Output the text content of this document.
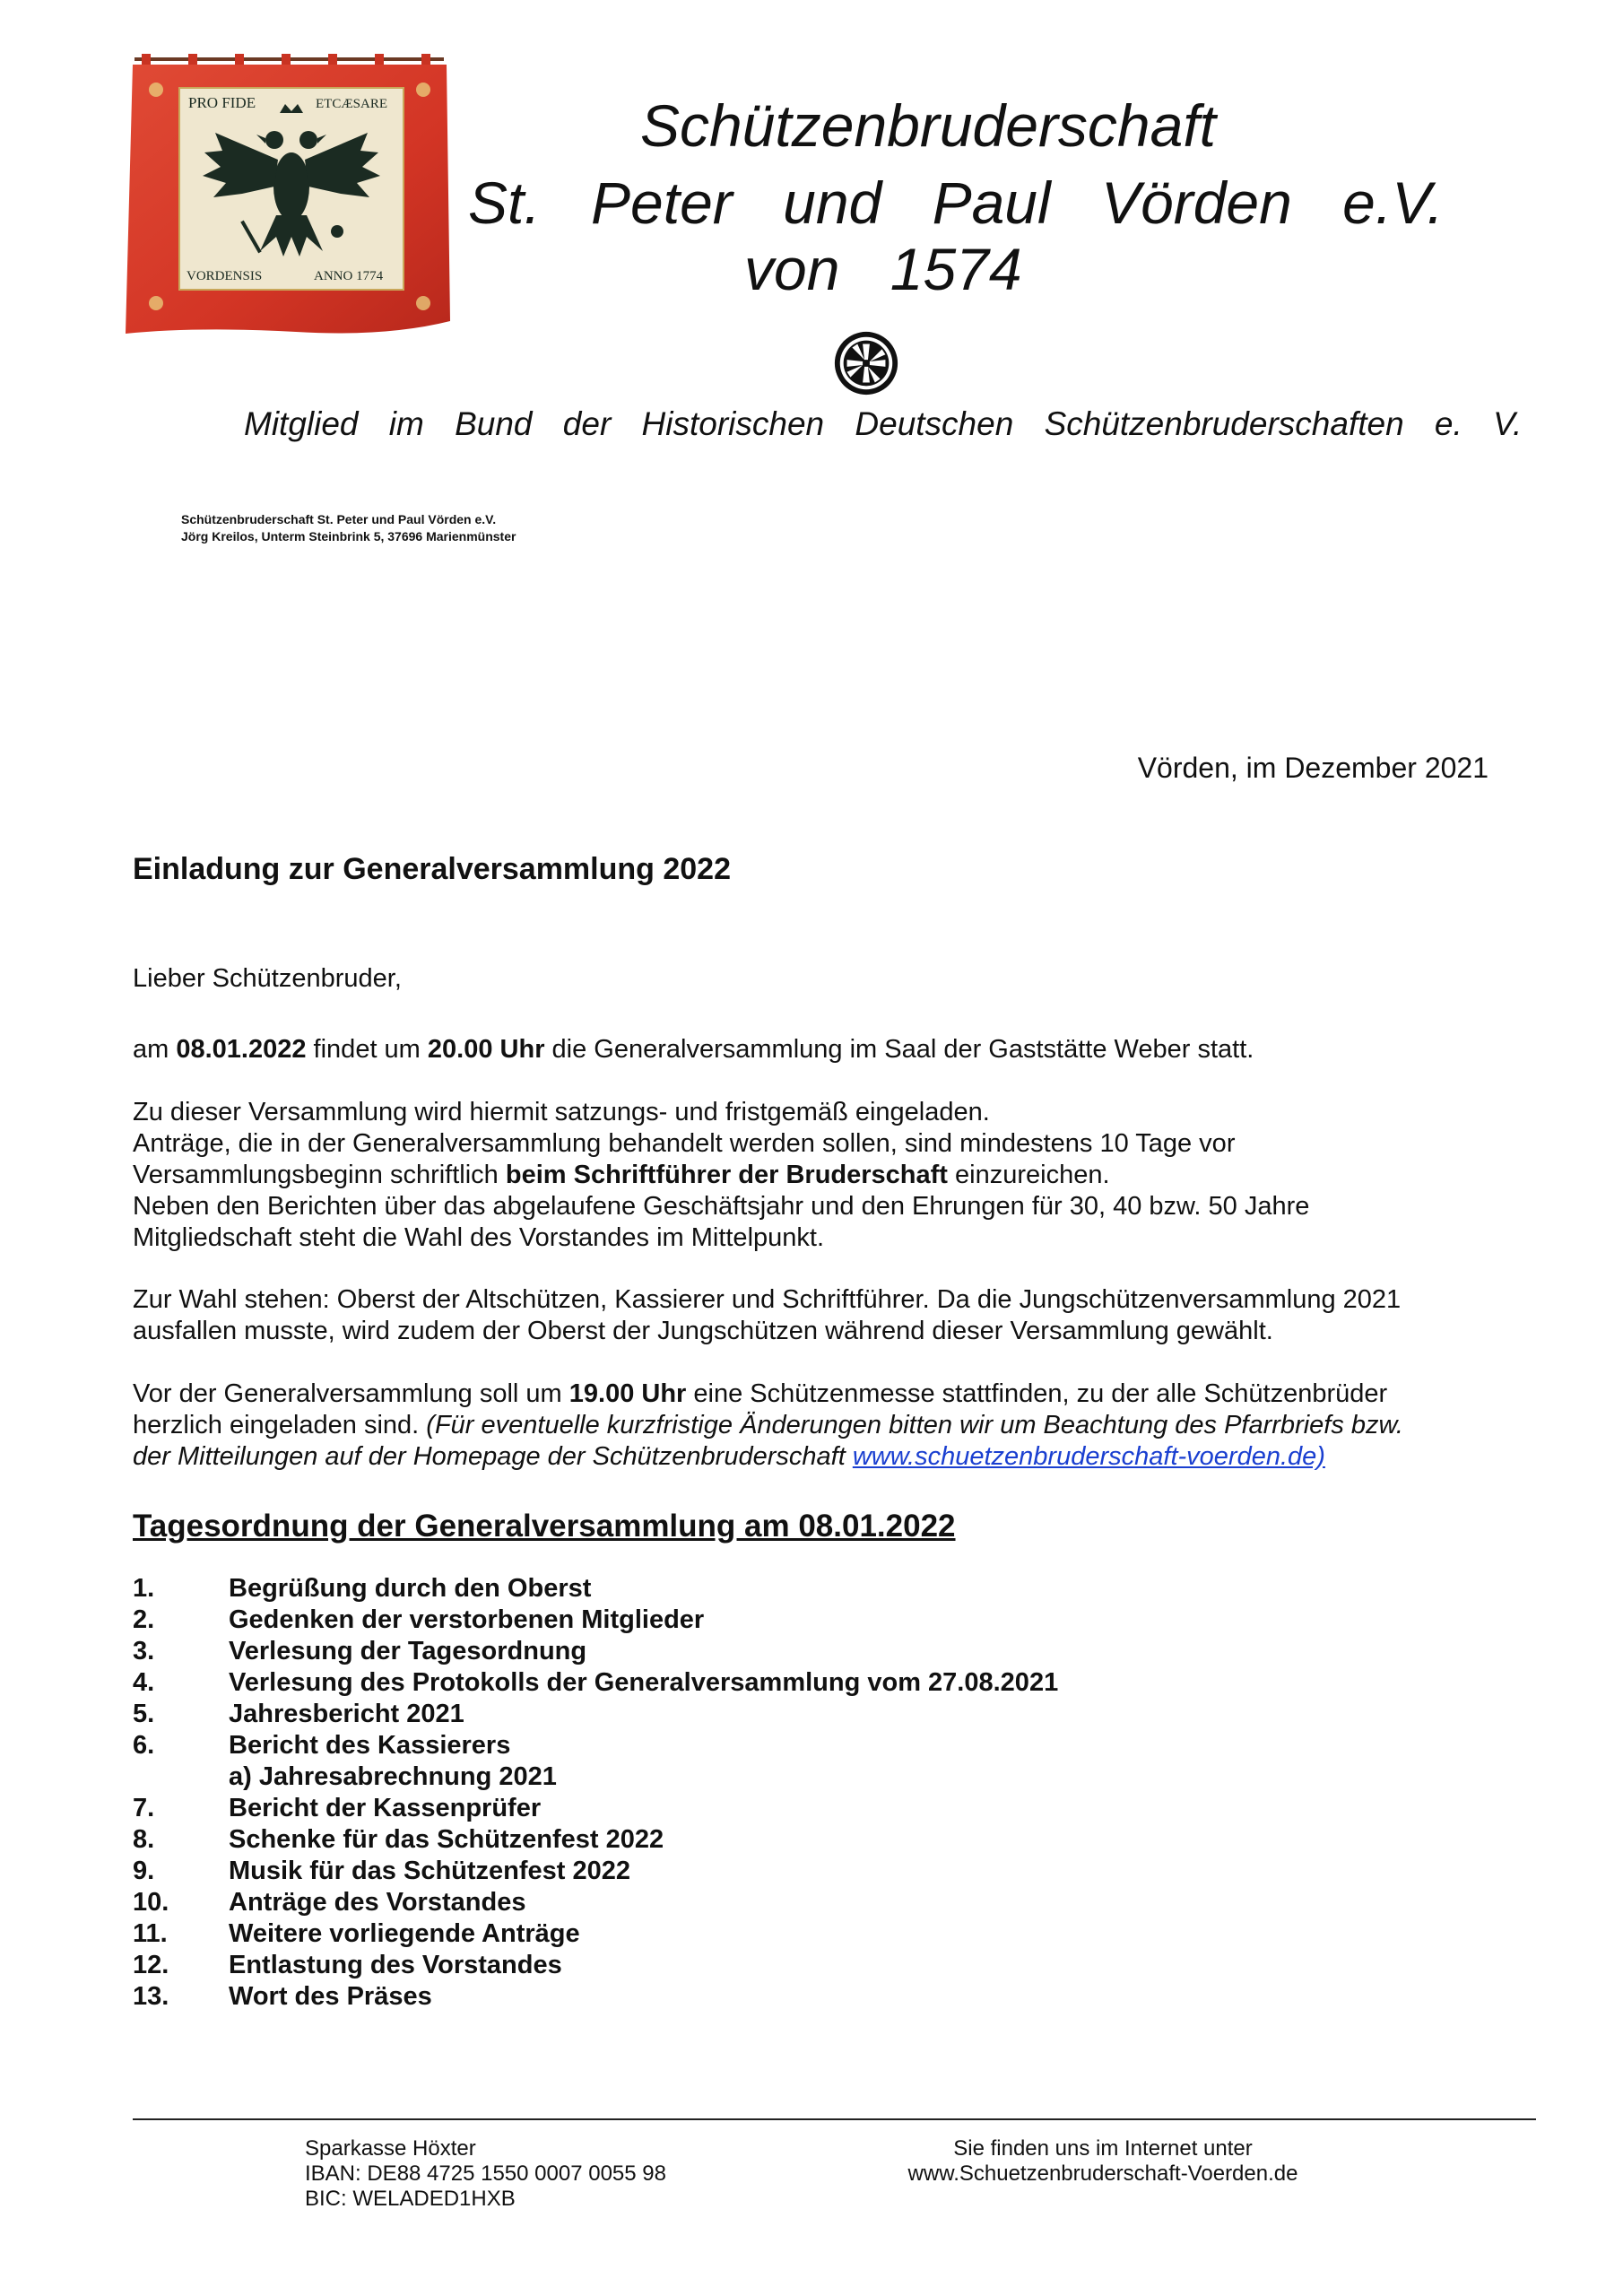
PRO FIDE	ETCÆSARE
VORDENSIS	ANNO 1774
Schützenbruderschaft
St. Peter und Paul Vörden e.V.
von 1574
Mitglied im Bund der Historischen Deutschen Schützenbruderschaften e. V.
Schützenbruderschaft St. Peter und Paul Vörden e.V.
Jörg Kreilos, Unterm Steinbrink 5, 37696 Marienmünster
Vörden, im Dezember 2021
Einladung zur Generalversammlung 2022

Lieber Schützenbruder,

am 08.01.2022 findet um 20.00 Uhr die Generalversammlung im Saal der Gaststätte Weber statt.

Zu dieser Versammlung wird hiermit satzungs- und fristgemäß eingeladen.

Anträge, die in der Generalversammlung behandelt werden sollen, sind mindestens 10 Tage vor

Versammlungsbeginn schriftlich beim Schriftführer der Bruderschaft einzureichen.

Neben den Berichten über das abgelaufene Geschäftsjahr und den Ehrungen für 30, 40 bzw. 50 Jahre

Mitgliedschaft steht die Wahl des Vorstandes im Mittelpunkt.

Zur Wahl stehen: Oberst der Altschützen, Kassierer und Schriftführer. Da die Jungschützenversammlung 2021

ausfallen musste, wird zudem der Oberst der Jungschützen während dieser Versammlung gewählt.

Vor der Generalversammlung soll um 19.00 Uhr eine Schützenmesse stattfinden, zu der alle Schützenbrüder

herzlich eingeladen sind. (Für eventuelle kurzfristige Änderungen bitten wir um Beachtung des Pfarrbriefs bzw.

der Mitteilungen auf der Homepage der Schützenbruderschaft www.schuetzenbruderschaft-voerden.de)

Tagesordnung der Generalversammlung am 08.01.2022
1.	Begrüßung durch den Oberst
2.	Gedenken der verstorbenen Mitglieder
3.	Verlesung der Tagesordnung
4.	Verlesung des Protokolls der Generalversammlung vom 27.08.2021
5.	Jahresbericht 2021
6.	Bericht des Kassierers
a) Jahresabrechnung 2021
7.	Bericht der Kassenprüfer
8.	Schenke für das Schützenfest 2022
9.	Musik für das Schützenfest 2022
10.	Anträge des Vorstandes
11.	Weitere vorliegende Anträge
12.	Entlastung des Vorstandes
13.	Wort des Präses
Sparkasse Höxter
IBAN: DE88 4725 1550 0007 0055 98
BIC: WELADED1HXB
Sie finden uns im Internet unter
www.Schuetzenbruderschaft-Voerden.de
